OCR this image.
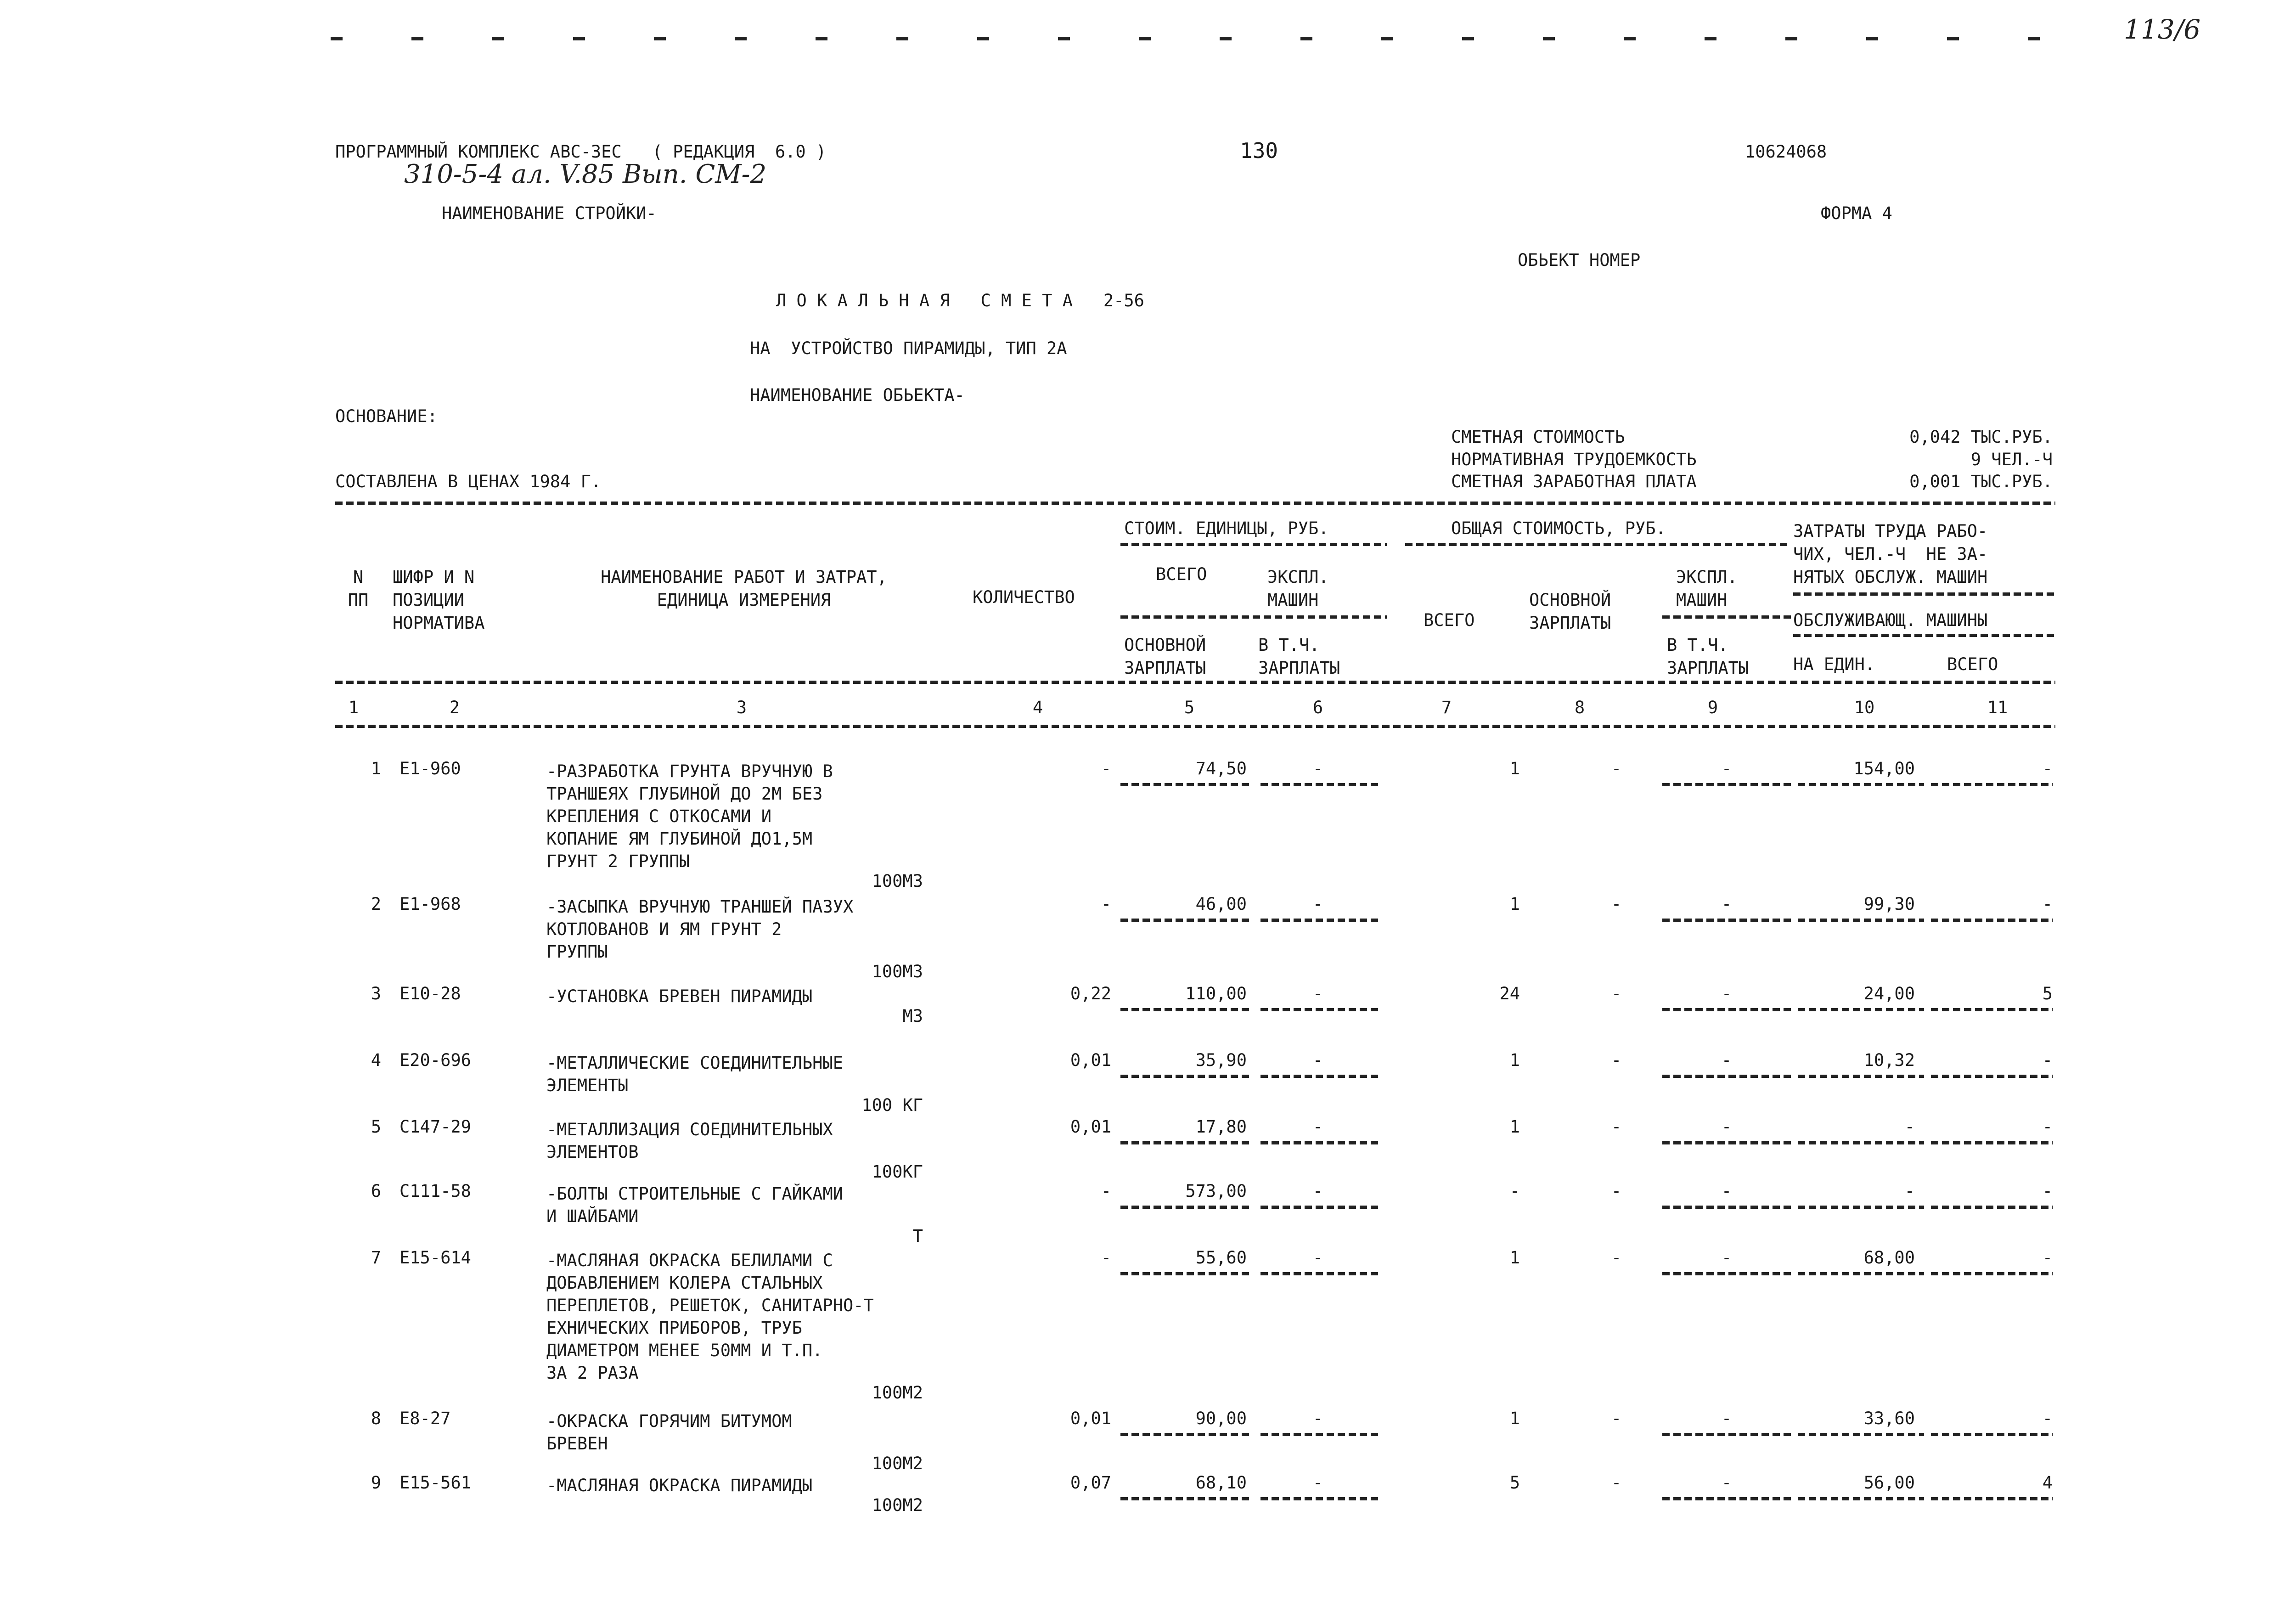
113/6
ПРОГРАММНЫЙ КОМПЛЕКС АВС-3ЕС   ( РЕДАКЦИЯ  6.0 )	130	10624068
310-5-4 ал. V.85 Вып. СМ-2
НАИМЕНОВАНИЕ СТРОЙКИ-	ФОРМА 4
ОБЬЕКТ НОМЕР
Л О К А Л Ь Н А Я   С М Е Т А   2-56
НА  УСТРОЙСТВО ПИРАМИДЫ, ТИП 2А
НАИМЕНОВАНИЕ ОБЬЕКТА-
ОСНОВАНИЕ:
СМЕТНАЯ СТОИМОСТЬ	0,042 ТЫС.РУБ.
НОРМАТИВНАЯ ТРУДОЕМКОСТЬ	9 ЧЕЛ.-Ч
СОСТАВЛЕНА В ЦЕНАХ 1984 Г.	СМЕТНАЯ ЗАРАБОТНАЯ ПЛАТА	0,001 ТЫС.РУБ.
N
ПП
ШИФР И N
ПОЗИЦИИ
НОРМАТИВА
НАИМЕНОВАНИЕ РАБОТ И ЗАТРАТ,
ЕДИНИЦА ИЗМЕРЕНИЯ	КОЛИЧЕСТВО
СТОИМ. ЕДИНИЦЫ, РУБ.
ВСЕГО	ЭКСПЛ.
МАШИН
ОСНОВНОЙ
ЗАРПЛАТЫ
В Т.Ч.
ЗАРПЛАТЫ
ОБЩАЯ СТОИМОСТЬ, РУБ.
ВСЕГО
ОСНОВНОЙ
ЗАРПЛАТЫ
ЭКСПЛ.
МАШИН
В Т.Ч.
ЗАРПЛАТЫ
ЗАТРАТЫ ТРУДА РАБО-
ЧИХ, ЧЕЛ.-Ч  НЕ ЗА-
НЯТЫХ ОБСЛУЖ. МАШИН
ОБСЛУЖИВАЮЩ. МАШИНЫ
НА ЕДИН.	ВСЕГО
1	2	3	4	5	6	7	8	9	10	11
1 Е1-960	-РАЗРАБОТКА ГРУНТА ВРУЧНУЮ В
ТРАНШЕЯХ ГЛУБИНОЙ ДО 2М БЕЗ
КРЕПЛЕНИЯ С ОТКОСАМИ И
КОПАНИЕ ЯМ ГЛУБИНОЙ ДО1,5М
ГРУНТ 2 ГРУППЫ
100М3
-	74,50	-	1	-	-	154,00	-
2 Е1-968	-ЗАСЫПКА ВРУЧНУЮ ТРАНШЕЙ ПАЗУХ
КОТЛОВАНОВ И ЯМ ГРУНТ 2
ГРУППЫ
100М3
-	46,00	-	1	-	-	99,30	-
3 Е10-28	-УСТАНОВКА БРЕВЕН ПИРАМИДЫ
М3
0,22	110,00	-	24	-	-	24,00	5
4 Е20-696	-МЕТАЛЛИЧЕСКИЕ СОЕДИНИТЕЛЬНЫЕ
ЭЛЕМЕНТЫ
100 КГ
0,01	35,90	-	1	-	-	10,32	-
5 С147-29	-МЕТАЛЛИЗАЦИЯ СОЕДИНИТЕЛЬНЫХ
ЭЛЕМЕНТОВ
100КГ
0,01	17,80	-	1	-	-	-	-
6 С111-58	-БОЛТЫ СТРОИТЕЛЬНЫЕ С ГАЙКАМИ
И ШАЙБАМИ
Т
-	573,00	-	-	-	-	-	-
7 Е15-614	-МАСЛЯНАЯ ОКРАСКА БЕЛИЛАМИ С
ДОБАВЛЕНИЕМ КОЛЕРА СТАЛЬНЫХ
ПЕРЕПЛЕТОВ, РЕШЕТОК, САНИТАРНО-Т
ЕХНИЧЕСКИХ ПРИБОРОВ, ТРУБ
ДИАМЕТРОМ МЕНЕЕ 50ММ И Т.П.
ЗА 2 РАЗА
100М2
-	55,60	-	1	-	-	68,00	-
8 Е8-27	-ОКРАСКА ГОРЯЧИМ БИТУМОМ
БРЕВЕН
100М2
0,01	90,00	-	1	-	-	33,60	-
9 Е15-561	-МАСЛЯНАЯ ОКРАСКА ПИРАМИДЫ
100М2
0,07	68,10	-	5	-	-	56,00	4
